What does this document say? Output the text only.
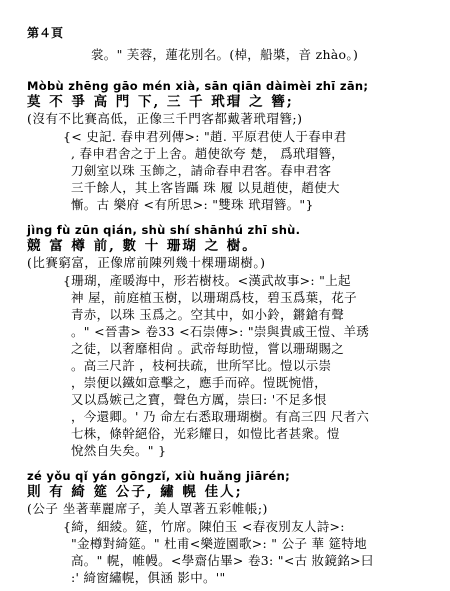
第４頁
裳。" 芙蓉，蓮花別名。(棹，船槳，音 zhào。)
Mòbù zhēng gāo mén xià, sān qiān dàimèi zhī zān;
莫 不 爭 高 門 下, 三 千 玳瑁 之 簪;
(沒有不比賽高低，正像三千門客都戴著玳瑁簪;)
{< 史記. 春申君列傳>: "趙. 平原君使人于春申君
, 春申君舍之于上舍。趙使欲夸 楚， 爲玳瑁簪，
刀劍室以珠 玉飾之，請命春申君客。春申君客
三千餘人，其上客皆躡 珠 履 以見趙使，趙使大
慚。古 樂府 <有所思>: "雙珠 玳瑁簪。"}
jìng fù zūn qián, shù shí shānhú zhī shù.
競 富 樽 前, 數 十 珊瑚 之 樹。
(比賽窮富，正像席前陳列幾十棵珊瑚樹。)
{珊瑚，產暖海中，形若樹枝。<漢武故事>: "上起
神 屋，前庭植玉樹，以珊瑚爲枝，碧玉爲葉，花子
青赤，以珠 玉爲之。空其中，如小鈴，鏘鎗有聲
。" <晉書> 卷33 <石崇傳>: "崇與貴戚王愷、羊琇
之徒，以奢靡相尙 。武帝每助愷，嘗以珊瑚賜之
。高三尺許 ，枝柯扶疏，世所罕比。愷以示崇
，崇便以鐵如意擊之，應手而碎。愷既惋惜，
又以爲嫉己之寶，聲色方厲，崇曰: '不足多恨
，今還卿。' 乃 命左右悉取珊瑚樹。有高三四 尺者六
七株，條幹絕俗，光彩耀日，如愷比者甚衆。愷
悅然自失矣。" }
zé yǒu qǐ yán gōngzǐ, xiù huǎng jiārén;
則 有 綺 筵 公子, 繡 幌 佳人;
(公子 坐著華麗席子，美人罩著五彩帷帳;)
{綺，細綾。筵，竹席。陳伯玉 <春夜別友人詩>:
"金樽對綺筵。" 杜甫<樂遊園歌>: " 公子 華 筵特地
高。" 幌，帷幔。<學齋佔畢> 卷3: "<古 妝鏡銘>曰
:' 綺窗繡幌，俱涵 影中。'"
